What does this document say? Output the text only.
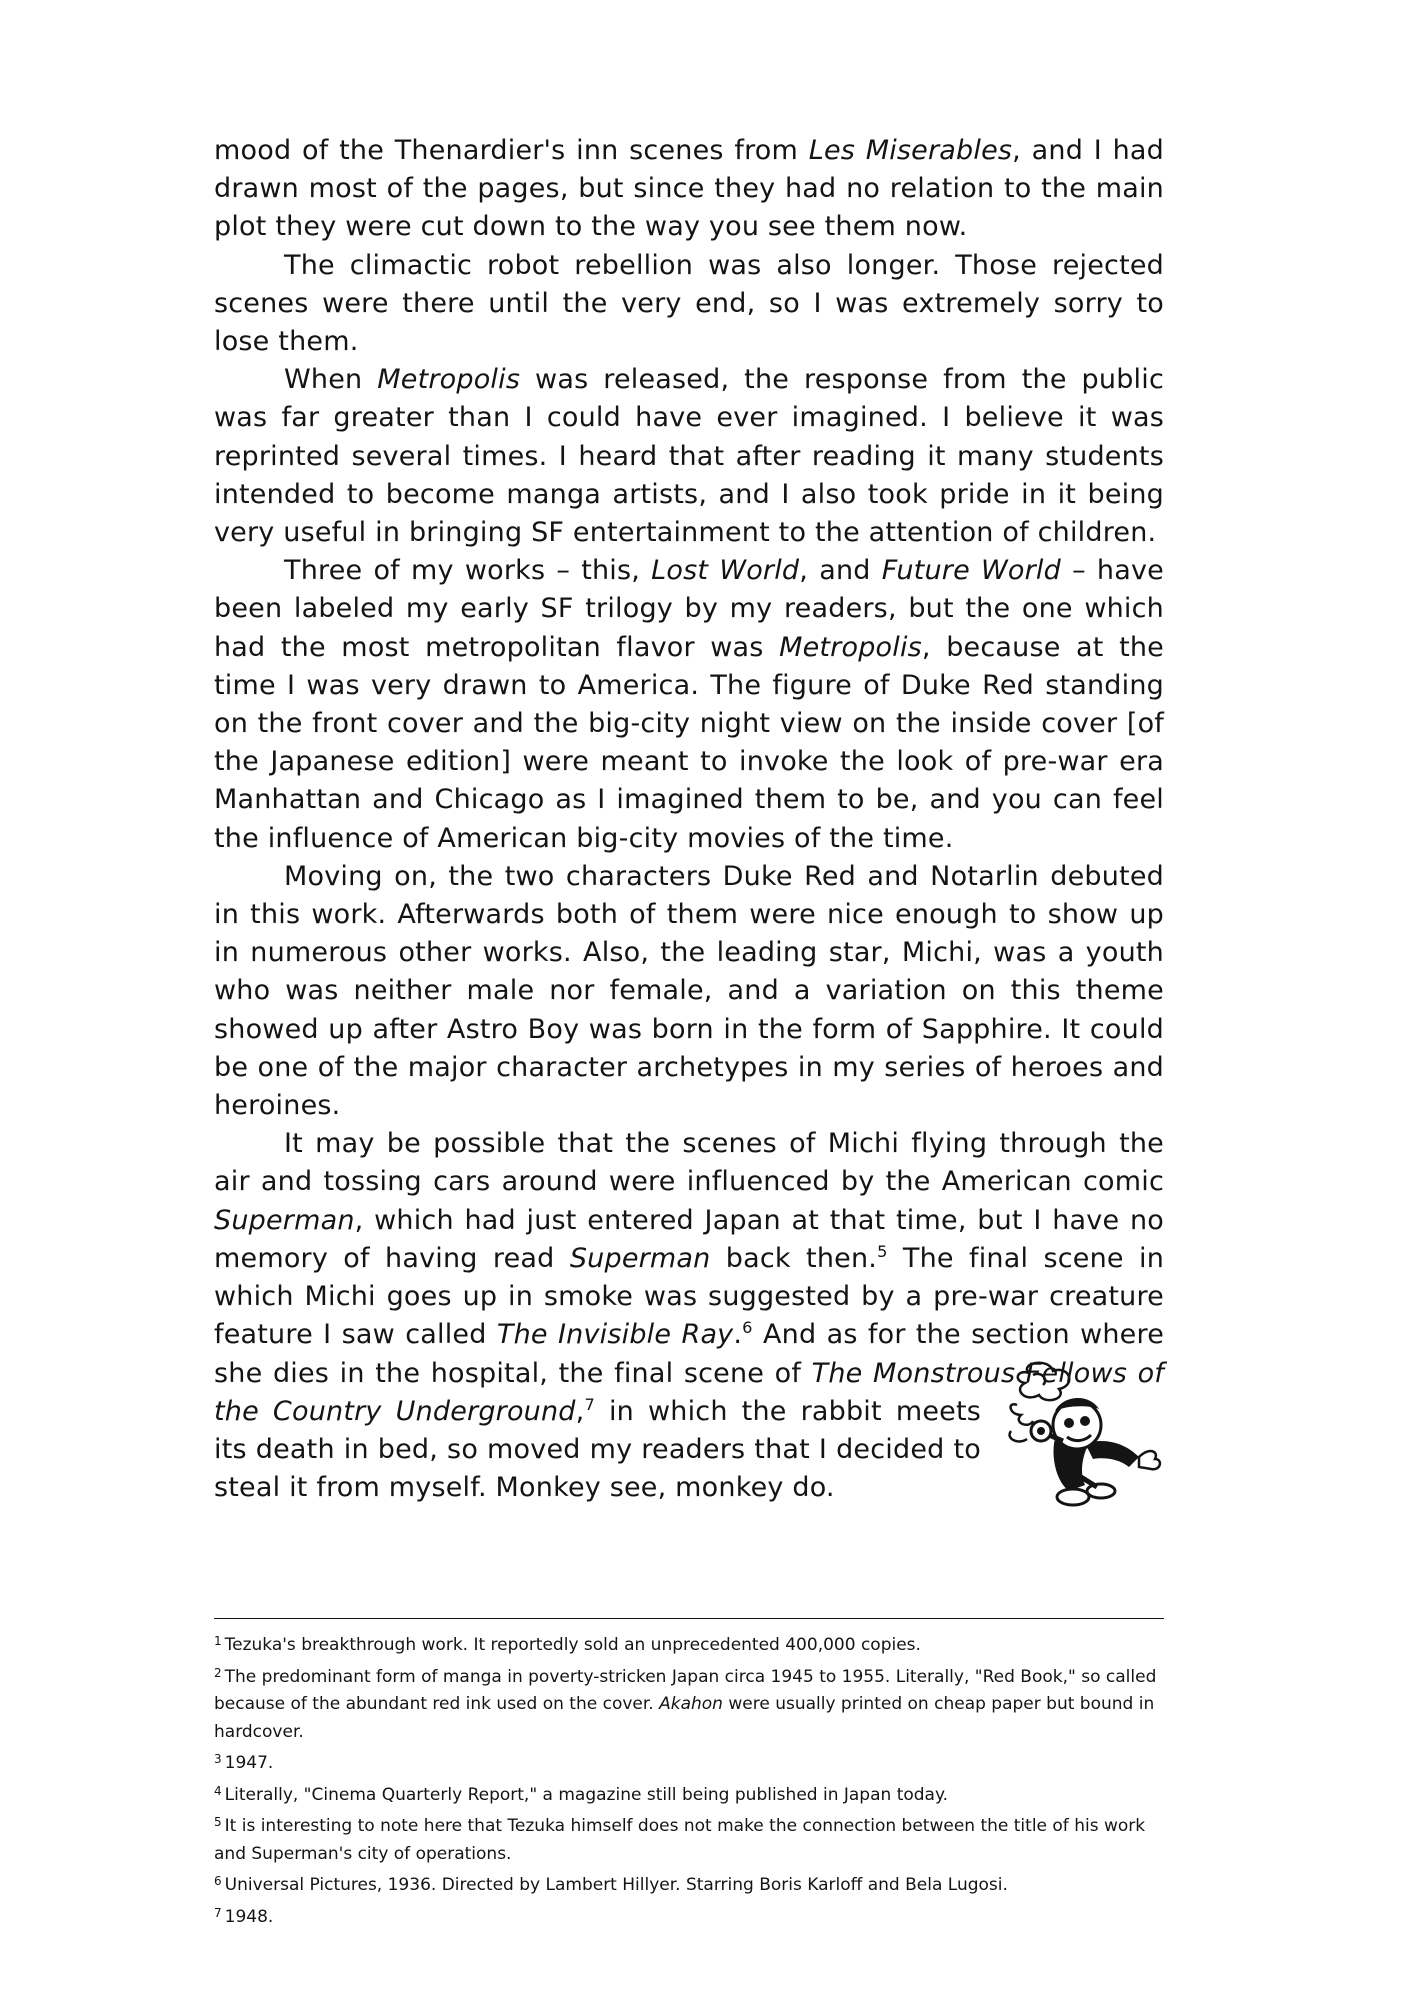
mood of the Thenardier's inn scenes from Les Miserables, and I had drawn most of the pages, but since they had no relation to the main plot they were cut down to the way you see them now.

The climactic robot rebellion was also longer. Those rejected scenes were there until the very end, so I was extremely sorry to lose them.

When Metropolis was released, the response from the public was far greater than I could have ever imagined. I believe it was reprinted several times. I heard that after reading it many students intended to become manga artists, and I also took pride in it being very useful in bringing SF entertainment to the attention of children.

Three of my works – this, Lost World, and Future World – have been labeled my early SF trilogy by my readers, but the one which had the most metropolitan flavor was Metropolis, because at the time I was very drawn to America. The figure of Duke Red standing on the front cover and the big-city night view on the inside cover [of the Japanese edition] were meant to invoke the look of pre-war era Manhattan and Chicago as I imagined them to be, and you can feel the influence of American big-city movies of the time.

Moving on, the two characters Duke Red and Notarlin debuted in this work. Afterwards both of them were nice enough to show up in numerous other works. Also, the leading star, Michi, was a youth who was neither male nor female, and a variation on this theme showed up after Astro Boy was born in the form of Sapphire. It could be one of the major character archetypes in my series of heroes and heroines.

It may be possible that the scenes of Michi flying through the air and tossing cars around were influenced by the American comic Superman, which had just entered Japan at that time, but I have no memory of having read Superman back then.$^5$ The final scene in which Michi goes up in smoke was suggested by a pre-war creature feature I saw called The Invisible Ray.$^6$ And as for the section where she dies in the hospital, the final scene of
The Monstrous Fellows of the Country Underground,$^7$ in which the rabbit meets its death in bed, so moved my readers that I decided to steal it from myself. Monkey see, monkey do.

$^1$ Tezuka's breakthrough work. It reportedly sold an unprecedented 400,000 copies.

$^2$ The predominant form of manga in poverty-stricken Japan circa 1945 to 1955. Literally, "Red Book," so called because of the abundant red ink used on the cover. Akahon were usually printed on cheap paper but bound in hardcover.

$^3$ 1947.

$^4$ Literally, "Cinema Quarterly Report," a magazine still being published in Japan today.

$^5$ It is interesting to note here that Tezuka himself does not make the connection between the title of his work and Superman's city of operations.

$^6$ Universal Pictures, 1936. Directed by Lambert Hillyer. Starring Boris Karloff and Bela Lugosi.

$^7$ 1948.
